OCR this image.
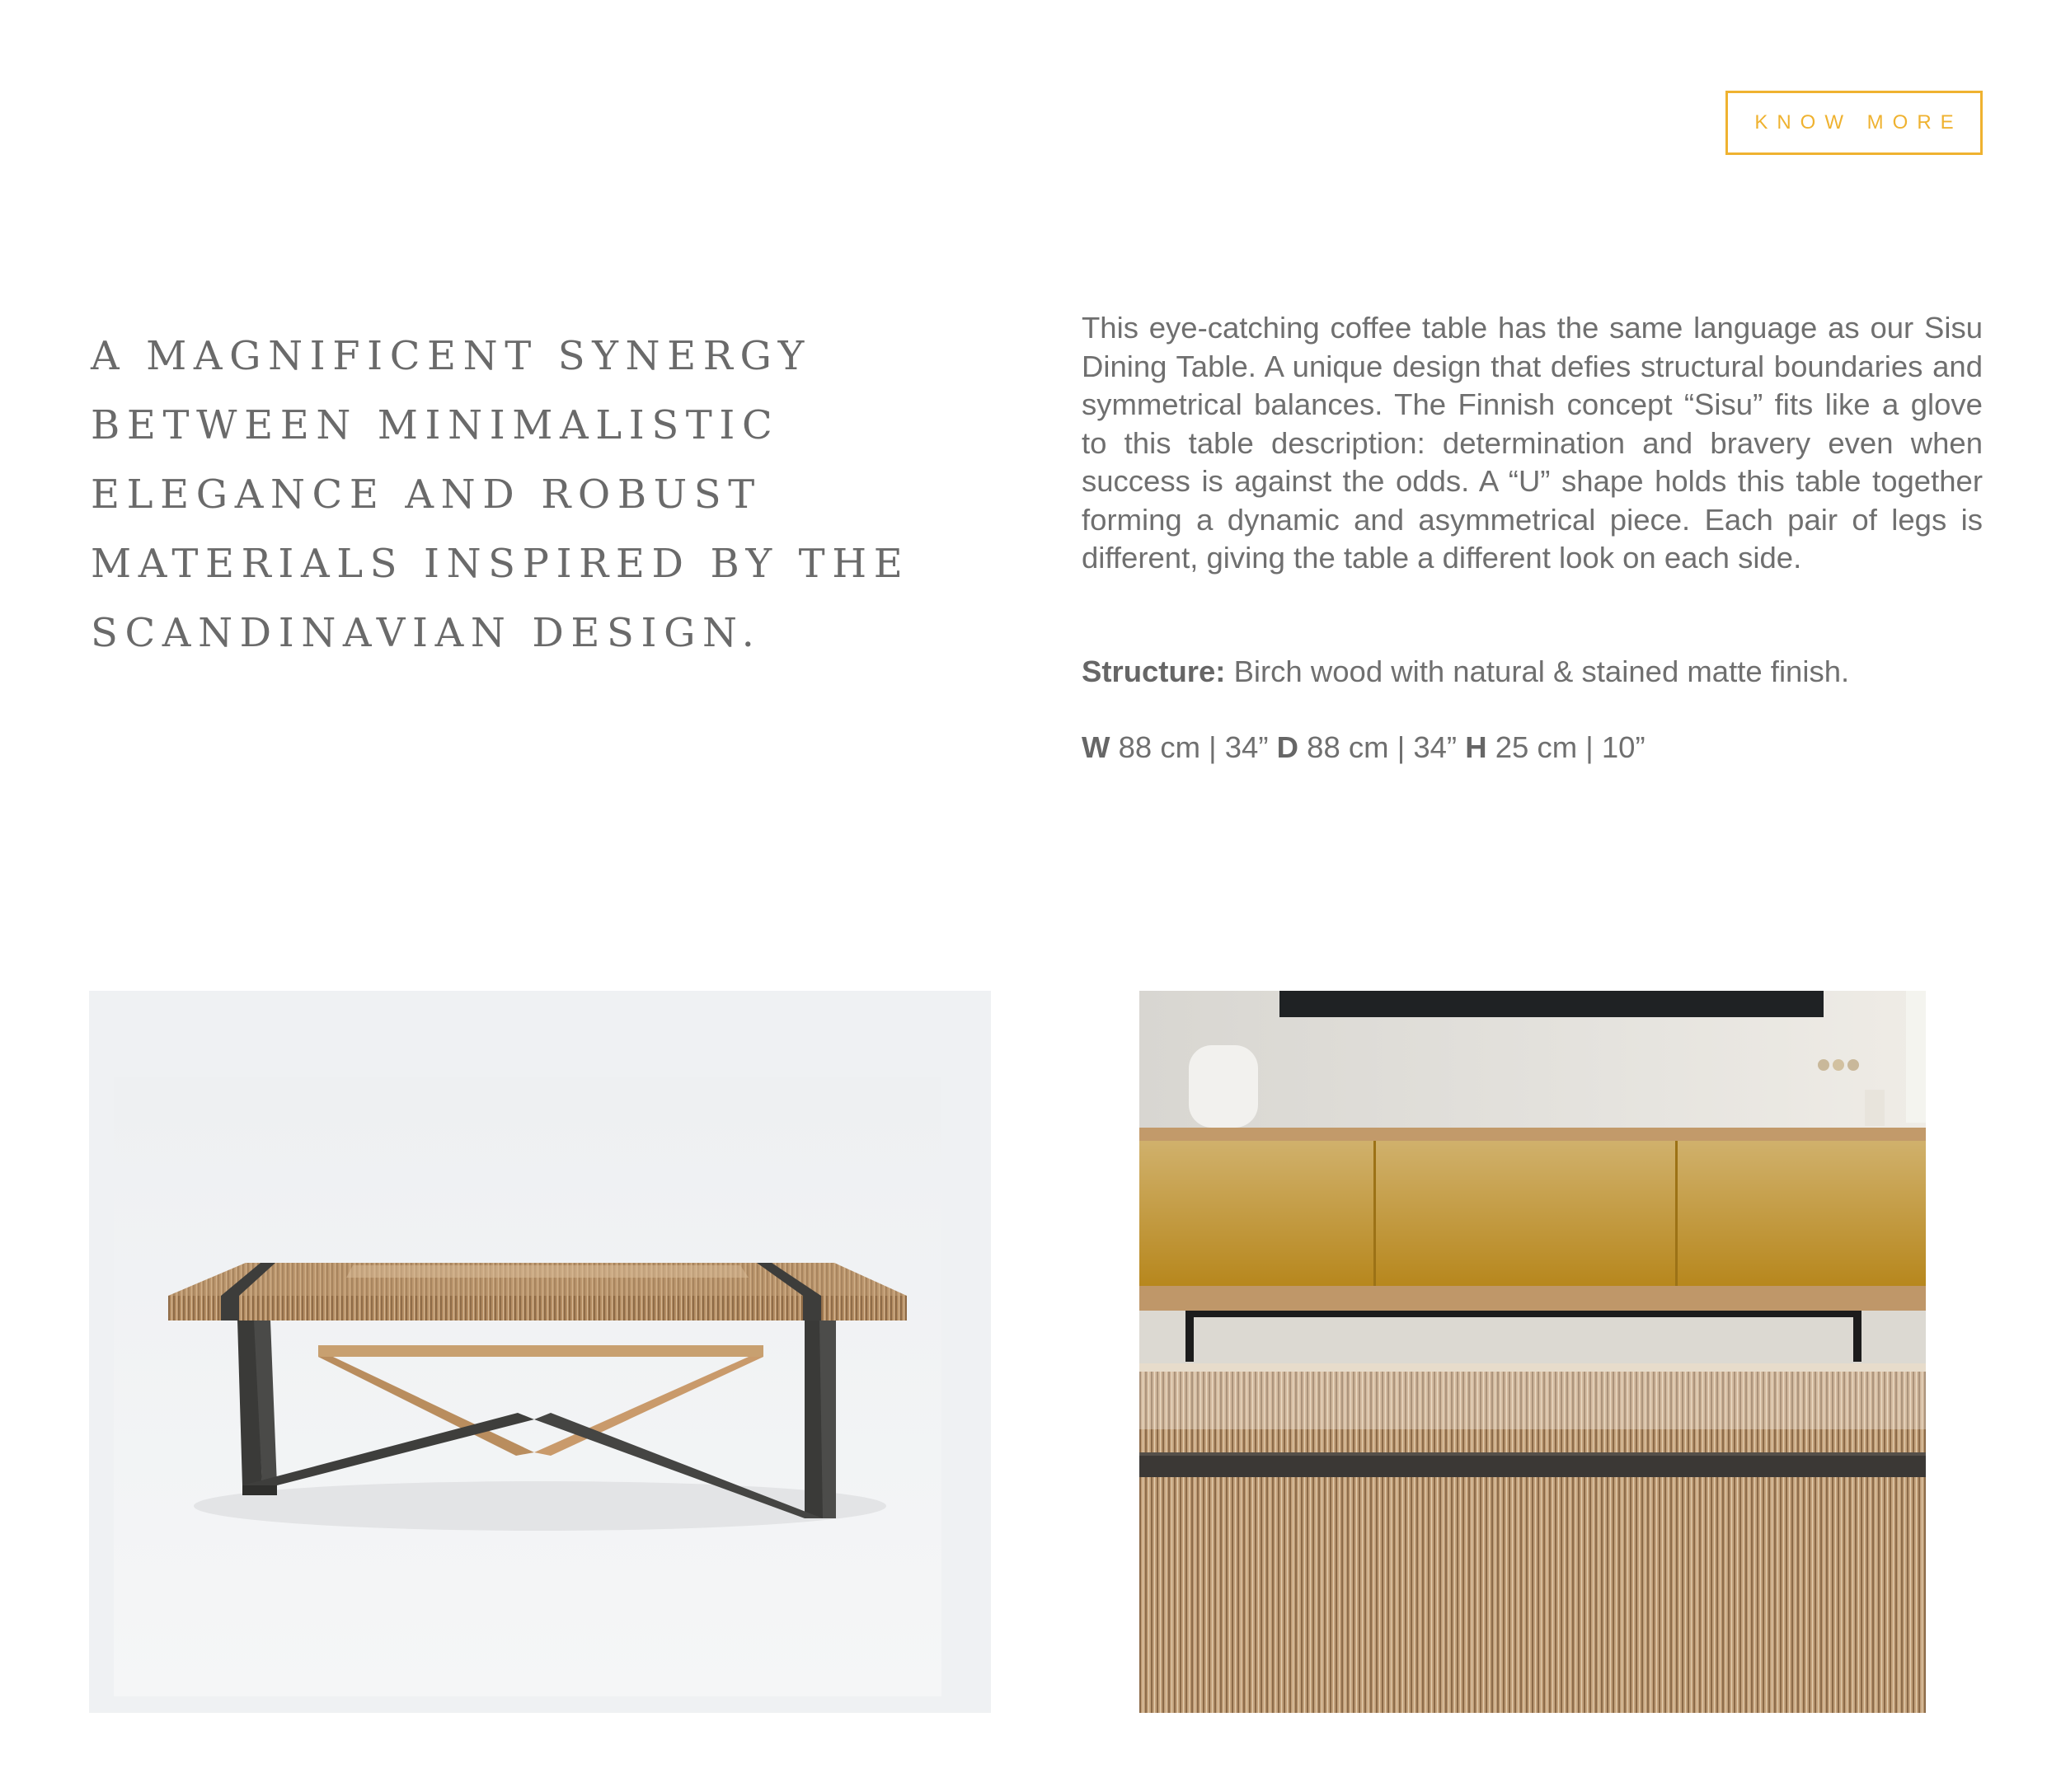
KNOW MORE
A MAGNIFICENT SYNERGY
BETWEEN MINIMALISTIC
ELEGANCE AND ROBUST
MATERIALS INSPIRED BY THE
SCANDINAVIAN DESIGN.

This eye-catching coffee table has the same language as our Sisu Dining Table. A unique design that defies structural boundaries and symmetrical balances. The Finnish concept “Sisu” fits like a glove to this table description: determination and bravery even when success is against the odds. A “U” shape holds this table together forming a dynamic and asymmetrical piece. Each pair of legs is different, giving the table a different look on each side.

Structure: Birch wood with natural & stained matte finish.

W 88 cm | 34” D 88 cm | 34” H 25 cm | 10”
